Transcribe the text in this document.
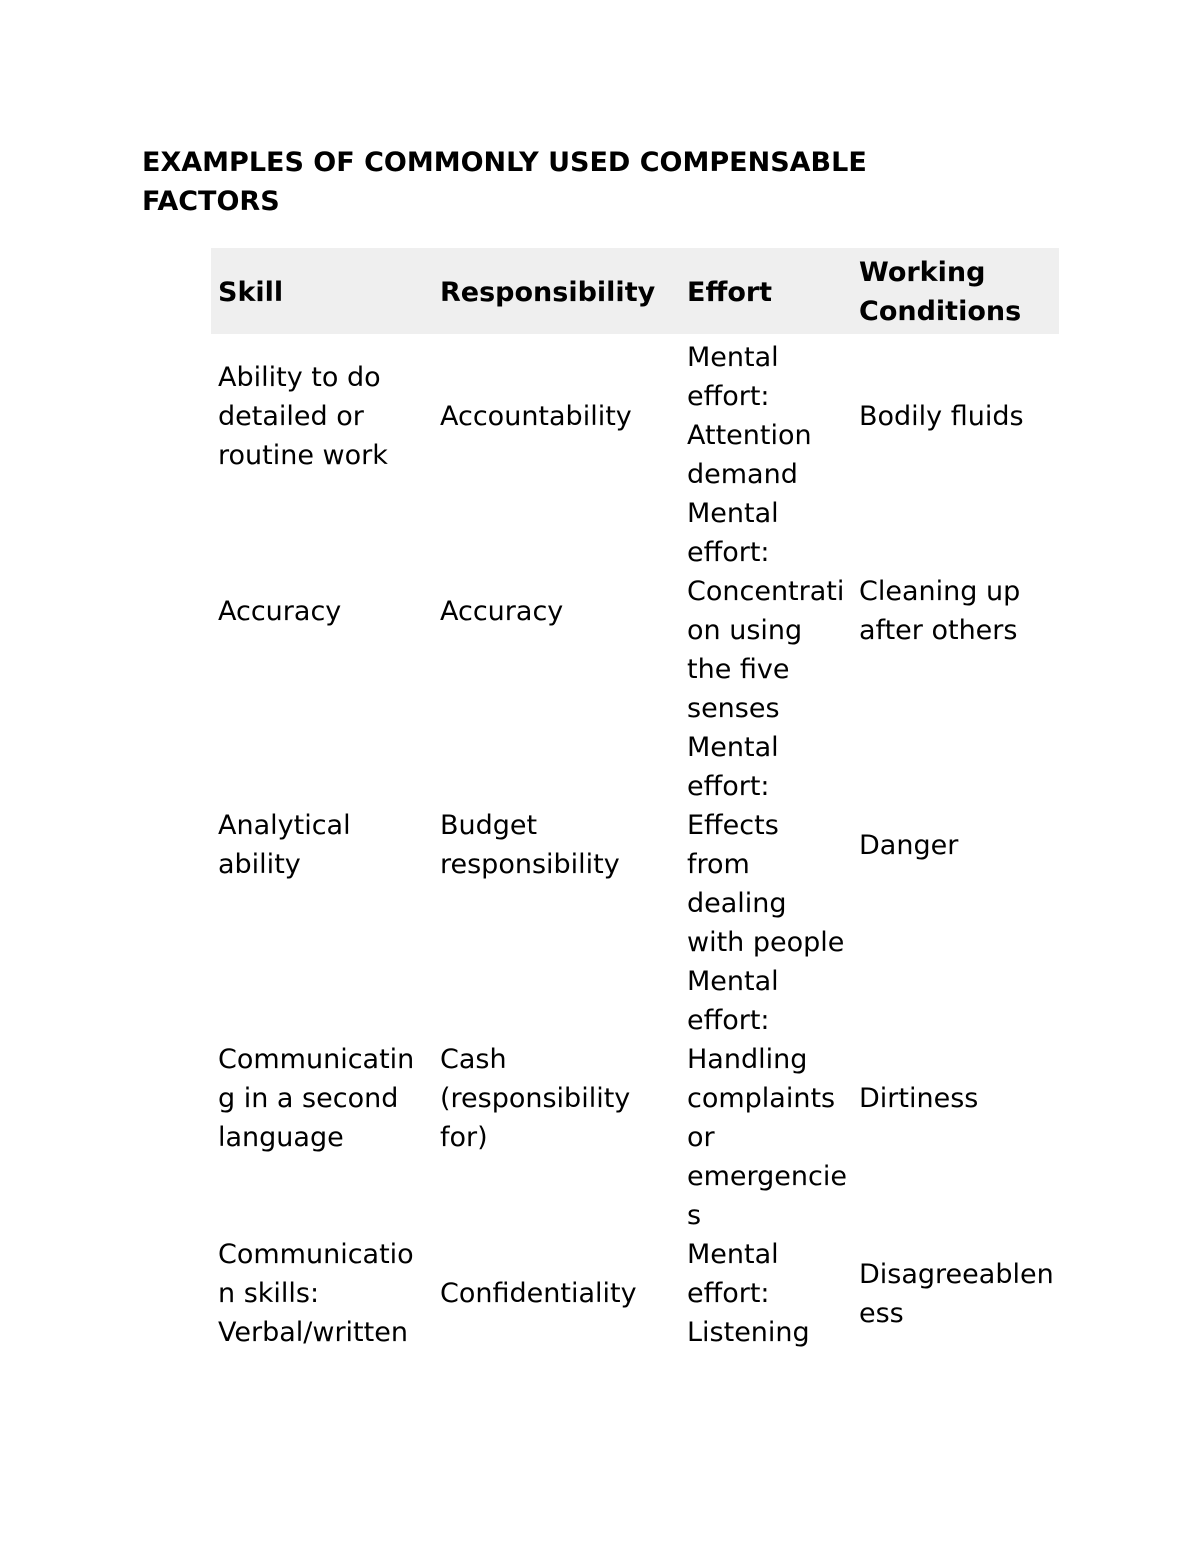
EXAMPLES OF COMMONLY USED COMPENSABLE FACTORS
Skill	Responsibility	Effort	Working Conditions
Ability to do detailed or routine work	Accountability	Mental effort: Attention demand	Bodily fluids
Accuracy	Accuracy	Mental effort: Concentration using the five senses	Cleaning up after others
Analytical ability	Budget responsibility	Mental effort: Effects from dealing with people	Danger
Communicating in a second language	Cash (responsibility for)	Mental effort: Handling complaints or emergencies	Dirtiness
Communication skills: Verbal/written	Confidentiality	Mental effort: Listening	Disagreeableness
